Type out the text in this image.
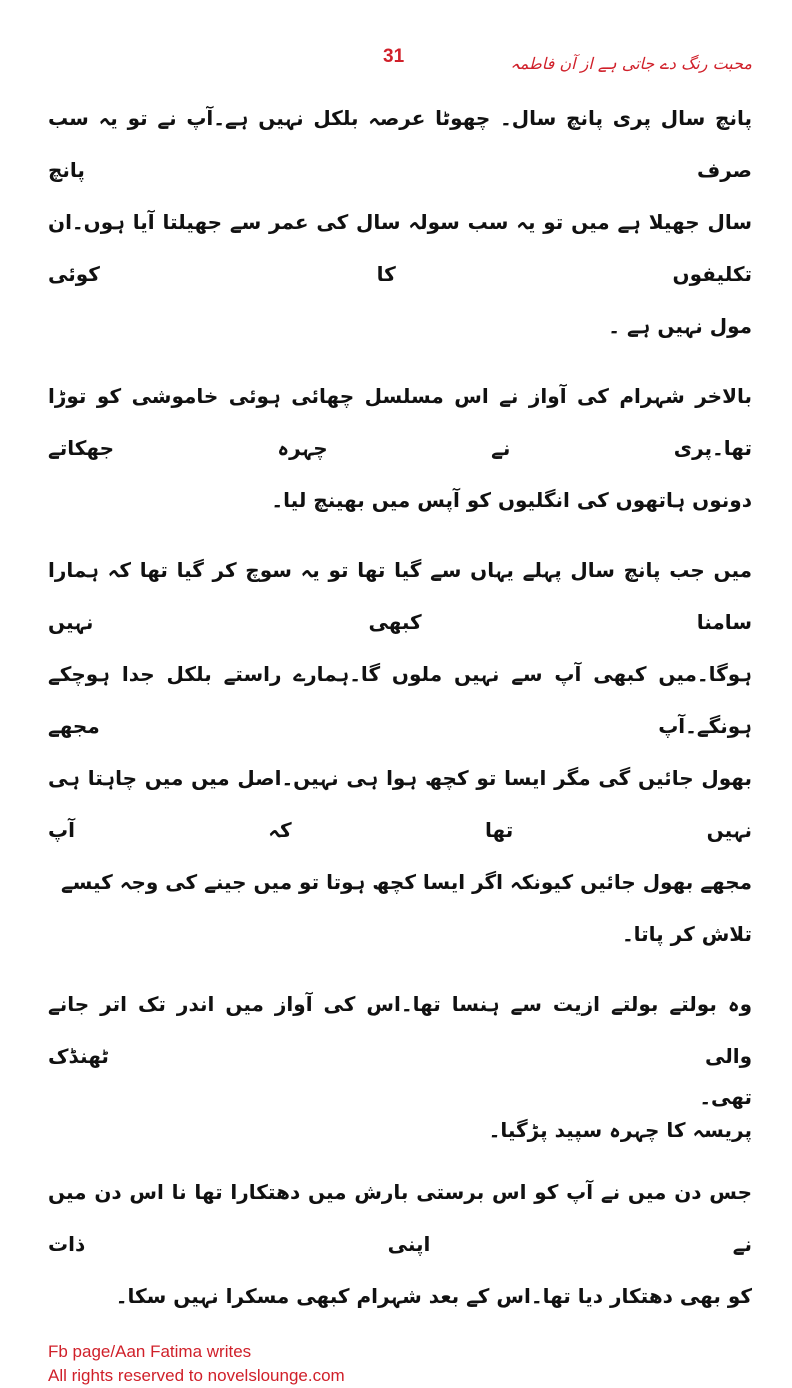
31	محبت رنگ دے جاتی ہے از آن فاطمہ
پانچ سال پری پانچ سال۔ چھوٹا عرصہ بلکل نہیں ہے۔آپ نے تو یہ سب صرف پانچ
سال جھیلا ہے میں تو یہ سب سولہ سال کی عمر سے جھیلتا آیا ہوں۔ان تکلیفوں کا کوئی
مول نہیں ہے ۔
بالاخر شہرام کی آواز نے اس مسلسل چھائی ہوئی خاموشی کو توڑا تھا۔پری نے چہرہ جھکاتے
دونوں ہاتھوں کی انگلیوں کو آپس میں بھینچ لیا۔
میں جب پانچ سال پہلے یہاں سے گیا تھا تو یہ سوچ کر گیا تھا کہ ہمارا سامنا کبھی نہیں
ہوگا۔میں کبھی آپ سے نہیں ملوں گا۔ہمارے راستے بلکل جدا ہوچکے ہونگے۔آپ مجھے
بھول جائیں گی مگر ایسا تو کچھ ہوا ہی نہیں۔اصل میں میں چاہتا ہی نہیں تھا کہ آپ
مجھے بھول جائیں کیونکہ اگر ایسا کچھ ہوتا تو میں جینے کی وجہ کیسے تلاش کر پاتا۔
وہ بولتے بولتے ازیت سے ہنسا تھا۔اس کی آواز میں اندر تک اتر جانے والی ٹھنڈک
تھی۔
پریسہ کا چہرہ سپید پڑگیا۔
جس دن میں نے آپ کو اس برستی بارش میں دھتکارا تھا نا اس دن میں نے اپنی ذات
کو بھی دھتکار دیا تھا۔اس کے بعد شہرام کبھی مسکرا نہیں سکا۔
Fb page/Aan Fatima writes
All rights reserved to novelslounge.com
